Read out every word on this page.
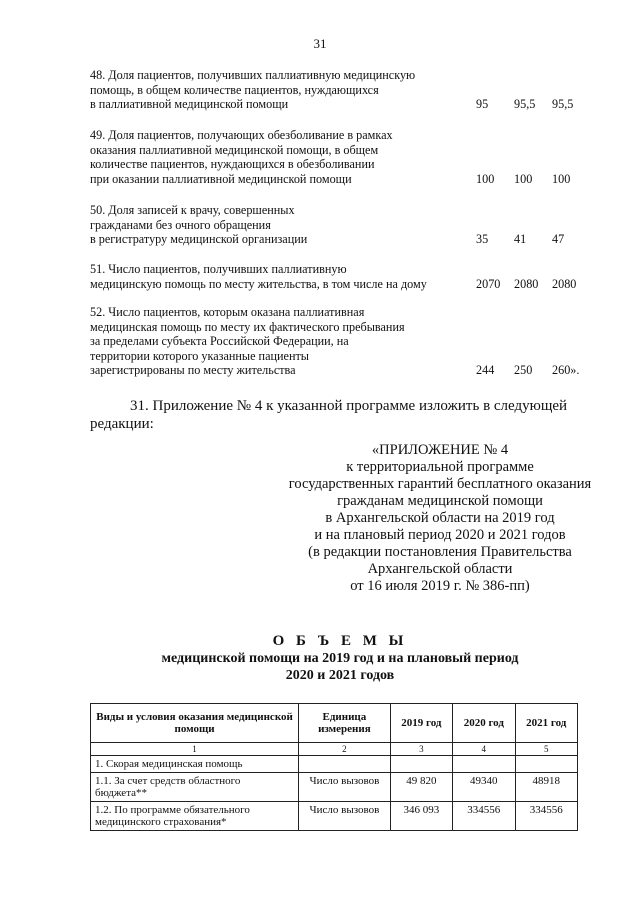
31
48. Доля пациентов, получивших паллиативную медицинскую
помощь, в общем количестве пациентов, нуждающихся
в паллиативной медицинской помощи	95	95,5	95,5
49. Доля пациентов, получающих обезболивание в рамках
оказания паллиативной медицинской помощи, в общем
количестве пациентов, нуждающихся в обезболивании
при оказании паллиативной медицинской помощи	100	100	100
50. Доля записей к врачу, совершенных
гражданами без очного обращения
в регистратуру медицинской организации	35	41	47
51. Число пациентов, получивших паллиативную
медицинскую помощь по месту жительства, в том числе на дому	2070	2080	2080
52. Число пациентов, которым оказана паллиативная
медицинская помощь по месту их фактического пребывания
за пределами субъекта Российской Федерации, на
территории которого указанные пациенты
зарегистрированы по месту жительства	244	250	260».
31. Приложение № 4 к указанной программе изложить в следующей
редакции:
«ПРИЛОЖЕНИЕ № 4
к территориальной программе
государственных гарантий бесплатного оказания
гражданам медицинской помощи
в Архангельской области на 2019 год
и на плановый период 2020 и 2021 годов
(в редакции постановления Правительства
Архангельской области
от 16 июля 2019 г. № 386-пп)
О Б Ъ Е М Ы
медицинской помощи на 2019 год и на плановый период
2020 и 2021 годов
Виды и условия оказания медицинской помощи	Единица измерения	2019 год	2020 год	2021 год
1	2	3	4	5
1. Скорая медицинская помощь				
1.1. За счет средств областного бюджета**	Число вызовов	49 820	49340	48918
1.2. По программе обязательного медицинского страхования*	Число вызовов	346 093	334556	334556
